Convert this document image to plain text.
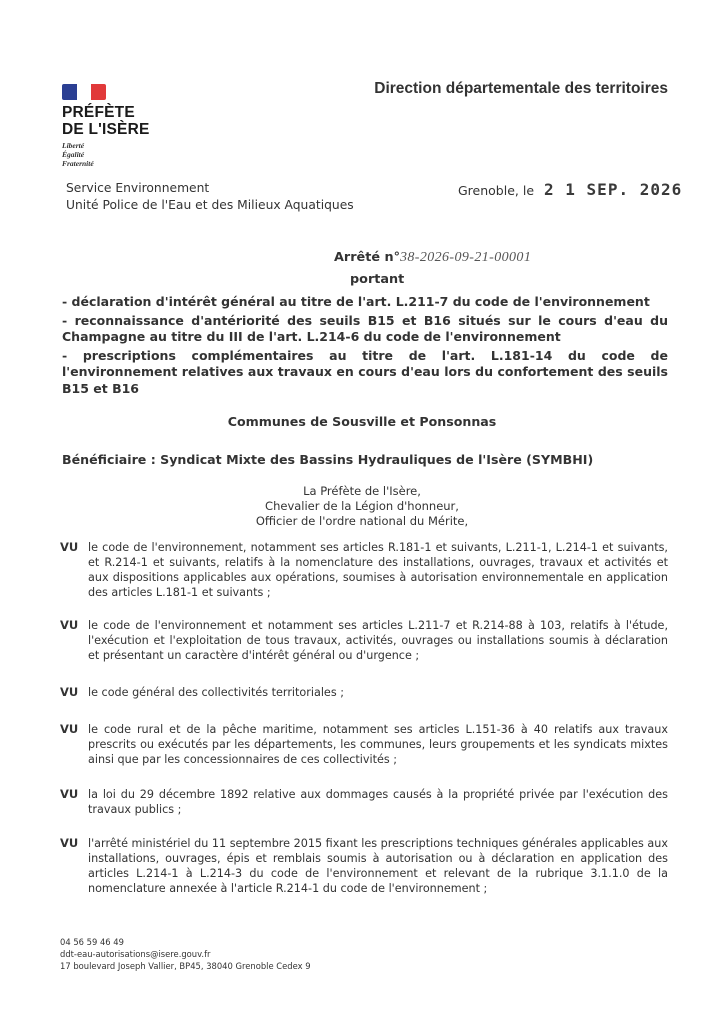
PRÉFÈTE
DE L'ISÈRE
Liberté
Égalité
Fraternité
Direction départementale des territoires
Service Environnement
Unité Police de l'Eau et des Milieux Aquatiques
Grenoble, le 2 1 SEP. 2026
Arrêté n°38-2026-09-21-00001
portant

- déclaration d'intérêt général au titre de l'art. L.211-7 du code de l'environnement

- reconnaissance d'antériorité des seuils B15 et B16 situés sur le cours d'eau du Champagne au titre du III de l'art. L.214-6 du code de l'environnement

- prescriptions complémentaires au titre de l'art. L.181-14 du code de l'environnement relatives aux travaux en cours d'eau lors du confortement des seuils B15 et B16

Communes de Sousville et Ponsonnas
Bénéficiaire : Syndicat Mixte des Bassins Hydrauliques de l'Isère (SYMBHI)
La Préfète de l'Isère,
Chevalier de la Légion d'honneur,
Officier de l'ordre national du Mérite,
VU le code de l'environnement, notamment ses articles R.181-1 et suivants, L.211-1, L.214-1 et suivants, et R.214-1 et suivants, relatifs à la nomenclature des installations, ouvrages, travaux et activités et aux dispositions applicables aux opérations, soumises à autorisation environnementale en application des articles L.181-1 et suivants ;
VU le code de l'environnement et notamment ses articles L.211-7 et R.214-88 à 103, relatifs à l'étude, l'exécution et l'exploitation de tous travaux, activités, ouvrages ou installations soumis à déclaration et présentant un caractère d'intérêt général ou d'urgence ;
VU le code général des collectivités territoriales ;
VU le code rural et de la pêche maritime, notamment ses articles L.151-36 à 40 relatifs aux travaux prescrits ou exécutés par les départements, les communes, leurs groupements et les syndicats mixtes ainsi que par les concessionnaires de ces collectivités ;
VU la loi du 29 décembre 1892 relative aux dommages causés à la propriété privée par l'exécution des travaux publics ;
VU l'arrêté ministériel du 11 septembre 2015 fixant les prescriptions techniques générales applicables aux installations, ouvrages, épis et remblais soumis à autorisation ou à déclaration en application des articles L.214-1 à L.214-3 du code de l'environnement et relevant de la rubrique 3.1.1.0 de la nomenclature annexée à l'article R.214-1 du code de l'environnement ;
04 56 59 46 49
ddt-eau-autorisations@isere.gouv.fr
17 boulevard Joseph Vallier, BP45, 38040 Grenoble Cedex 9
